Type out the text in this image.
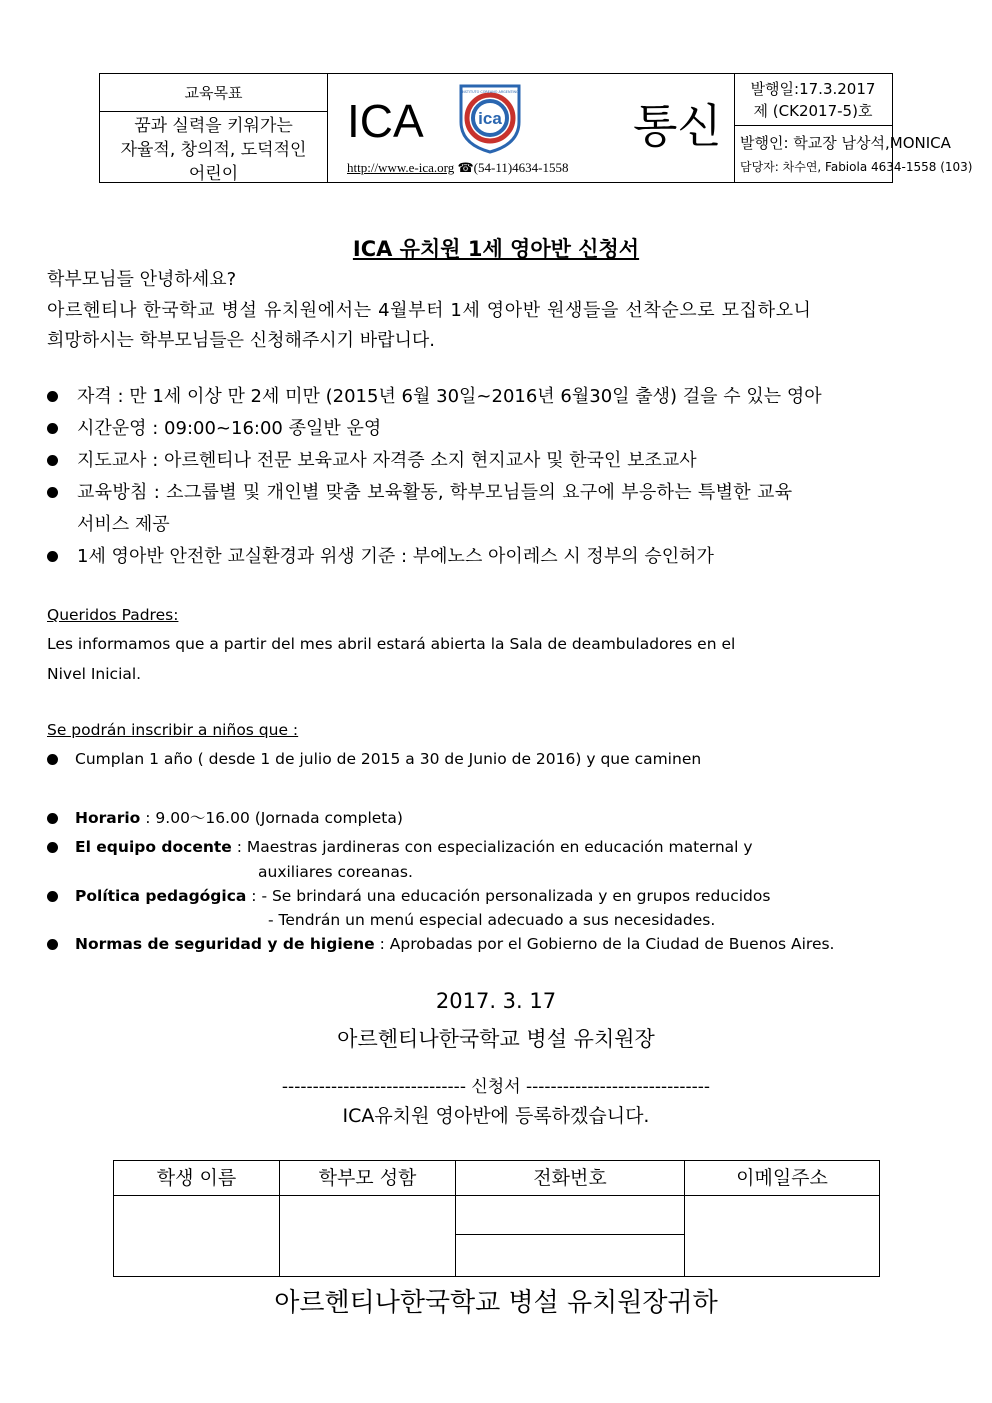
교육목표
꿈과 실력을 키워가는
자율적, 창의적, 도덕적인
어린이
ICA	ica
INSTITUTO COREANO ARGENTINO
통신
http://www.e-ica.org ☎(54-11)4634-1558
발행일:17.3.2017
제 (CK2017-5)호
발행인: 학교장 남상석,MONICA
담당자: 차수연, Fabiola 4634-1558 (103)
ICA 유치원 1세 영아반 신청서
학부모님들 안녕하세요?
아르헨티나 한국학교 병설 유치원에서는 4월부터 1세 영아반 원생들을 선착순으로 모집하오니
희망하시는 학부모님들은 신청해주시기 바랍니다.
자격 : 만 1세 이상 만 2세 미만 (2015년 6월 30일~2016년 6월30일 출생) 걸을 수 있는 영아
시간운영 : 09:00~16:00 종일반 운영
지도교사 : 아르헨티나 전문 보육교사 자격증 소지 현지교사 및 한국인 보조교사
교육방침 : 소그룹별 및 개인별 맞춤 보육활동, 학부모님들의 요구에 부응하는 특별한 교육
서비스 제공
1세 영아반 안전한 교실환경과 위생 기준 : 부에노스 아이레스 시 정부의 승인허가
Queridos Padres:
Les informamos que a partir del mes abril estará abierta la Sala de deambuladores en el
Nivel Inicial.
Se podrán inscribir a niños que :
Cumplan 1 año ( desde 1 de julio de 2015 a 30 de Junio de 2016) y que caminen
Horario : 9.00～16.00 (Jornada completa)
El equipo docente : Maestras jardineras con especialización en educación maternal y
auxiliares coreanas.
Política pedagógica : - Se brindará una educación personalizada y en grupos reducidos
- Tendrán un menú especial adecuado a sus necesidades.
Normas de seguridad y de higiene : Aprobadas por el Gobierno de la Ciudad de Buenos Aires.
2017. 3. 17
아르헨티나한국학교 병설 유치원장
------------------------------ 신청서 ------------------------------
ICA유치원 영아반에 등록하겠습니다.
학생 이름	학부모 성함	전화번호	이메일주소
아르헨티나한국학교 병설 유치원장귀하
